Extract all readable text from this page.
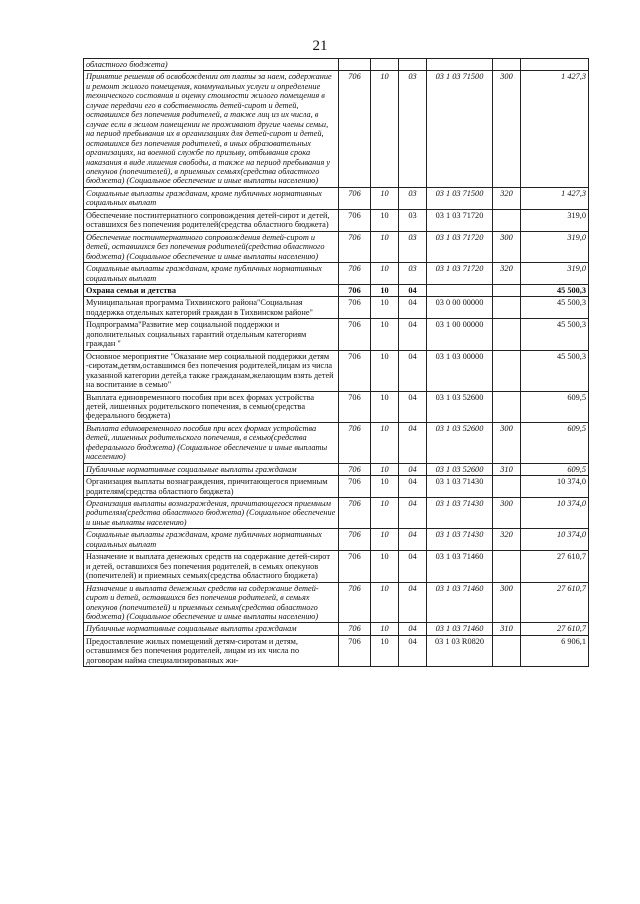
21
областного бюджета)						
Принятие решения об освобождении от платы за наем, содержание и ремонт жилого помещения, коммунальных услуги и определение технического состояния и оценку стоимости жилого помещения в случае передачи его в собственность детей-сирот и детей, оставшихся без попечения родителей, а также лиц из их числа, в случае если в жилом помещении не проживают другие члены семьи, на период пребывания их в организациях для детей-сирот и детей, оставшихся без попечения родителей, в иных образовательных организациях, на военной службе по призыву, отбывания срока наказания в виде лишения свободы, а также на период пребывания у опекунов (попечителей), в приемных семьях(средства областного бюджета) (Социальное обеспечение и иные выплаты населению)	706	10	03	03 1 03 71500	300	1 427,3
Социальные выплаты гражданам, кроме публичных нормативных социальных выплат	706	10	03	03 1 03 71500	320	1 427,3
Обеспечение постинтернатного сопровождения детей-сирот и детей, оставшихся без попечения родителей(средства областного бюджета)	706	10	03	03 1 03 71720		319,0
Обеспечение постинтернатного сопровождения детей-сирот и детей, оставшихся без попечения родителей(средства областного бюджета) (Социальное обеспечение и иные выплаты населению)	706	10	03	03 1 03 71720	300	319,0
Социальные выплаты гражданам, кроме публичных нормативных социальных выплат	706	10	03	03 1 03 71720	320	319,0
Охрана семьи и детства	706	10	04			45 500,3
Муниципальная программа Тихвинского района"Социальная поддержка отдельных категорий граждан в Тихвинском районе"	706	10	04	03 0 00 00000		45 500,3
Подпрограмма"Развитие мер социальной поддержки и дополнительных социальных гарантий отдельным категориям граждан "	706	10	04	03 1 00 00000		45 500,3
Основное мероприятие "Оказание мер социальной поддержки детям -сиротам,детям,оставшимся без попечения родителей,лицам из числа указанной категории детей,а также гражданам,желающим взять детей на воспитание в семью"	706	10	04	03 1 03 00000		45 500,3
Выплата единовременного пособия при всех формах устройства детей, лишенных родительского попечения, в семью(средства федерального бюджета)	706	10	04	03 1 03 52600		609,5
Выплата единовременного пособия при всех формах устройства детей, лишенных родительского попечения, в семью(средства федерального бюджета) (Социальное обеспечение и иные выплаты населению)	706	10	04	03 1 03 52600	300	609,5
Публичные нормативные социальные выплаты гражданам	706	10	04	03 1 03 52600	310	609,5
Организация выплаты вознаграждения, причитающегося приемным родителям(средства областного бюджета)	706	10	04	03 1 03 71430		10 374,0
Организация выплаты вознаграждения, причитающегося приемным родителям(средства областного бюджета) (Социальное обеспечение и иные выплаты населению)	706	10	04	03 1 03 71430	300	10 374,0
Социальные выплаты гражданам, кроме публичных нормативных социальных выплат	706	10	04	03 1 03 71430	320	10 374,0
Назначение и выплата денежных средств на содержание детей-сирот и детей, оставшихся без попечения родителей, в семьях опекунов (попечителей) и приемных семьях(средства областного бюджета)	706	10	04	03 1 03 71460		27 610,7
Назначение и выплата денежных средств на содержание детей-сирот и детей, оставшихся без попечения родителей, в семьях опекунов (попечителей) и приемных семьях(средства областного бюджета) (Социальное обеспечение и иные выплаты населению)	706	10	04	03 1 03 71460	300	27 610,7
Публичные нормативные социальные выплаты гражданам	706	10	04	03 1 03 71460	310	27 610,7
Предоставление жилых помещений детям-сиротам и детям, оставшимся без попечения родителей, лицам из их числа по договорам найма специализированных жи-	706	10	04	03 1 03 R0820		6 906,1
